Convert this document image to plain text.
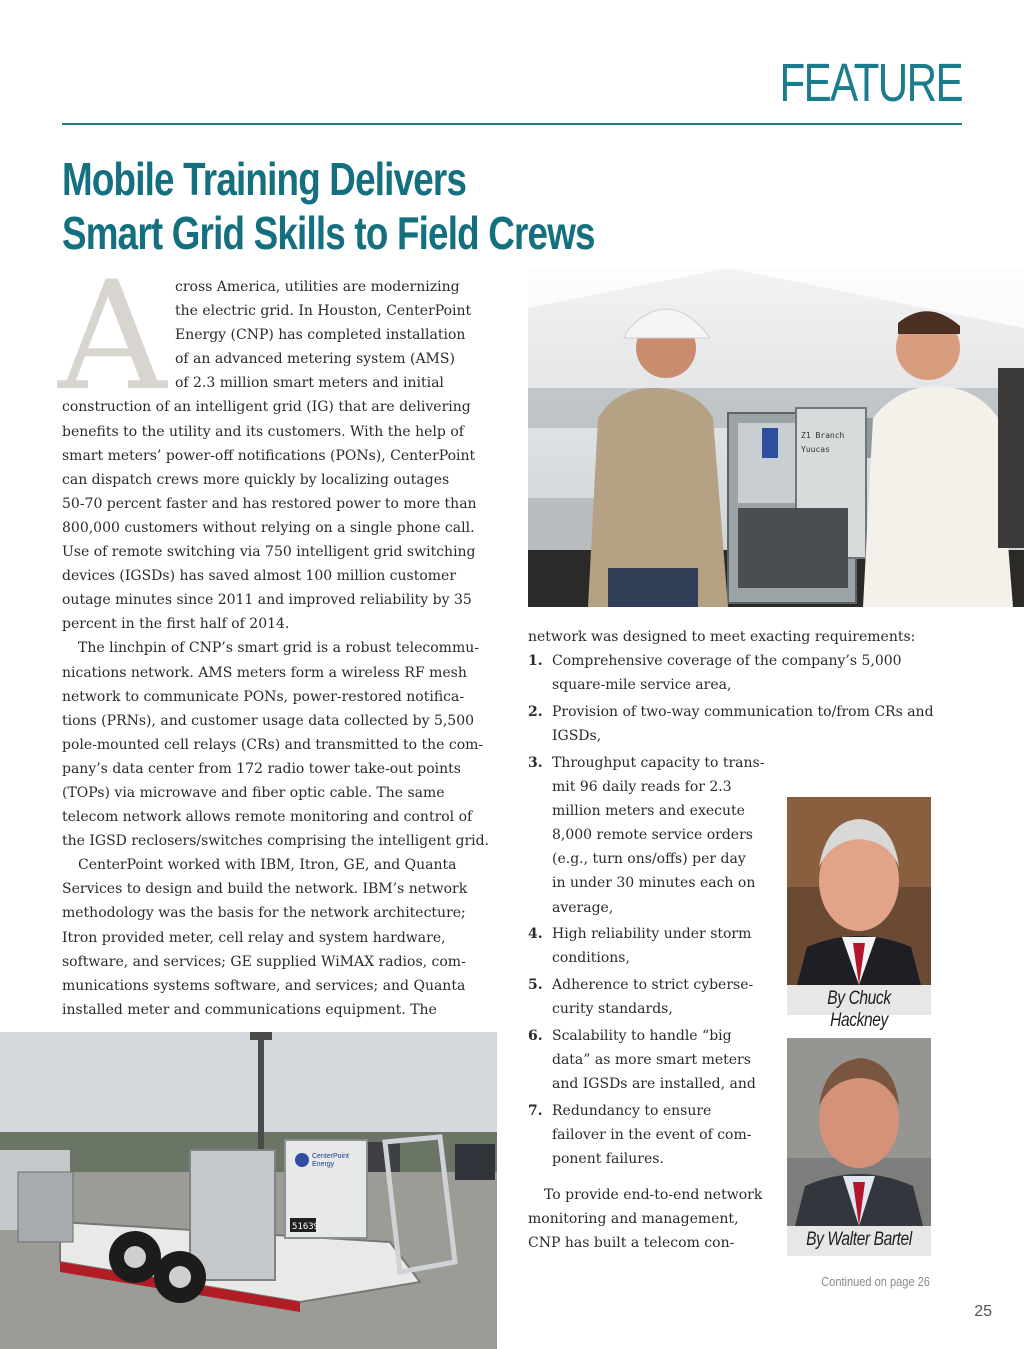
FEATURE
Mobile Training Delivers
Smart Grid Skills to Field Crews
A cross America, utilities are modernizing
the electric grid. In Houston, CenterPoint
Energy (CNP) has completed installation
of an advanced metering system (AMS)
of 2.3 million smart meters and initial
construction of an intelligent grid (IG) that are delivering
benefits to the utility and its customers. With the help of
smart meters’ power-off notifications (PONs), CenterPoint
can dispatch crews more quickly by localizing outages
50-70 percent faster and has restored power to more than
800,000 customers without relying on a single phone call.
Use of remote switching via 750 intelligent grid switching
devices (IGSDs) has saved almost 100 million customer
outage minutes since 2011 and improved reliability by 35
percent in the first half of 2014.
The linchpin of CNP’s smart grid is a robust telecommu-
nications network. AMS meters form a wireless RF mesh
network to communicate PONs, power-restored notifica-
tions (PRNs), and customer usage data collected by 5,500
pole-mounted cell relays (CRs) and transmitted to the com-
pany’s data center from 172 radio tower take-out points
(TOPs) via microwave and fiber optic cable. The same
telecom network allows remote monitoring and control of
the IGSD reclosers/switches comprising the intelligent grid.
CenterPoint worked with IBM, Itron, GE, and Quanta
Services to design and build the network. IBM’s network
methodology was the basis for the network architecture;
Itron provided meter, cell relay and system hardware,
software, and services; GE supplied WiMAX radios, com-
munications systems software, and services; and Quanta
installed meter and communications equipment. The
Z1 Branch
Yuucas
network was designed to meet exacting requirements:
1. Comprehensive coverage of the company’s 5,000
square-mile service area,
2. Provision of two-way communication to/from CRs and
IGSDs,
3. Throughput capacity to trans-
mit 96 daily reads for 2.3
million meters and execute
8,000 remote service orders
(e.g., turn ons/offs) per day
in under 30 minutes each on
average,
4. High reliability under storm
conditions,
5. Adherence to strict cyberse-
curity standards,
6. Scalability to handle “big
data” as more smart meters
and IGSDs are installed, and
7. Redundancy to ensure
failover in the event of com-
ponent failures.
To provide end-to-end network
monitoring and management,
CNP has built a telecom con-
By Chuck Hackney
By Walter Bartel
CenterPoint
Energy
51639
Continued on page 26
25
